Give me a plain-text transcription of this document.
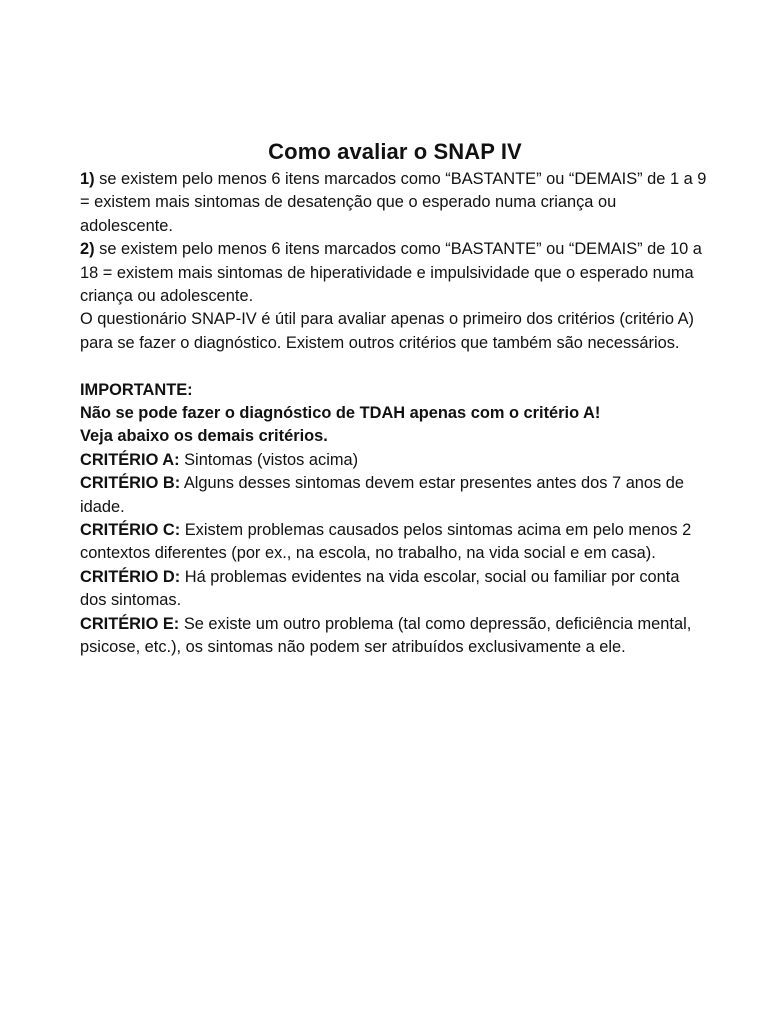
Como avaliar o SNAP IV

1) se existem pelo menos 6 itens marcados como “BASTANTE” ou “DEMAIS” de 1 a 9 = existem mais sintomas de desatenção que o esperado numa criança ou adolescente.

2) se existem pelo menos 6 itens marcados como “BASTANTE” ou “DEMAIS” de 10 a 18 = existem mais sintomas de hiperatividade e impulsividade que o esperado numa criança ou adolescente.

O questionário SNAP-IV é útil para avaliar apenas o primeiro dos critérios (critério A) para se fazer o diagnóstico. Existem outros critérios que também são necessários.

IMPORTANTE:

Não se pode fazer o diagnóstico de TDAH apenas com o critério A!

Veja abaixo os demais critérios.

CRITÉRIO A: Sintomas (vistos acima)

CRITÉRIO B: Alguns desses sintomas devem estar presentes antes dos 7 anos de idade.

CRITÉRIO C: Existem problemas causados pelos sintomas acima em pelo menos 2 contextos diferentes (por ex., na escola, no trabalho, na vida social e em casa).

CRITÉRIO D: Há problemas evidentes na vida escolar, social ou familiar por conta dos sintomas.

CRITÉRIO E: Se existe um outro problema (tal como depressão, deficiência mental, psicose, etc.), os sintomas não podem ser atribuídos exclusivamente a ele.
